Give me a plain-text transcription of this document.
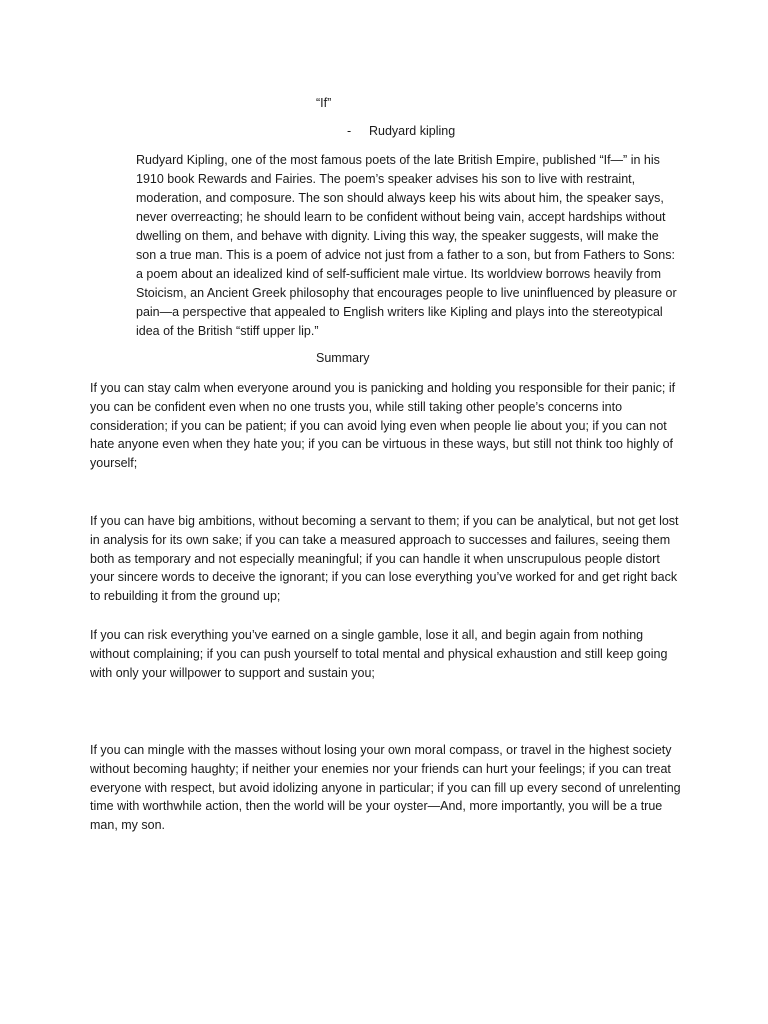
“If”

- Rudyard kipling

Rudyard Kipling, one of the most famous poets of the late British Empire, published “If—” in his 1910 book Rewards and Fairies. The poem’s speaker advises his son to live with restraint, moderation, and composure. The son should always keep his wits about him, the speaker says, never overreacting; he should learn to be confident without being vain, accept hardships without dwelling on them, and behave with dignity. Living this way, the speaker suggests, will make the son a true man. This is a poem of advice not just from a father to a son, but from Fathers to Sons: a poem about an idealized kind of self-sufficient male virtue. Its worldview borrows heavily from Stoicism, an Ancient Greek philosophy that encourages people to live uninfluenced by pleasure or pain—a perspective that appealed to English writers like Kipling and plays into the stereotypical idea of the British “stiff upper lip.”

Summary

If you can stay calm when everyone around you is panicking and holding you responsible for their panic; if you can be confident even when no one trusts you, while still taking other people’s concerns into consideration; if you can be patient; if you can avoid lying even when people lie about you; if you can not hate anyone even when they hate you; if you can be virtuous in these ways, but still not think too highly of yourself;

If you can have big ambitions, without becoming a servant to them; if you can be analytical, but not get lost in analysis for its own sake; if you can take a measured approach to successes and failures, seeing them both as temporary and not especially meaningful; if you can handle it when unscrupulous people distort your sincere words to deceive the ignorant; if you can lose everything you’ve worked for and get right back to rebuilding it from the ground up;

If you can risk everything you’ve earned on a single gamble, lose it all, and begin again from nothing without complaining; if you can push yourself to total mental and physical exhaustion and still keep going with only your willpower to support and sustain you;

If you can mingle with the masses without losing your own moral compass, or travel in the highest society without becoming haughty; if neither your enemies nor your friends can hurt your feelings; if you can treat everyone with respect, but avoid idolizing anyone in particular; if you can fill up every second of unrelenting time with worthwhile action, then the world will be your oyster—And, more importantly, you will be a true man, my son.
